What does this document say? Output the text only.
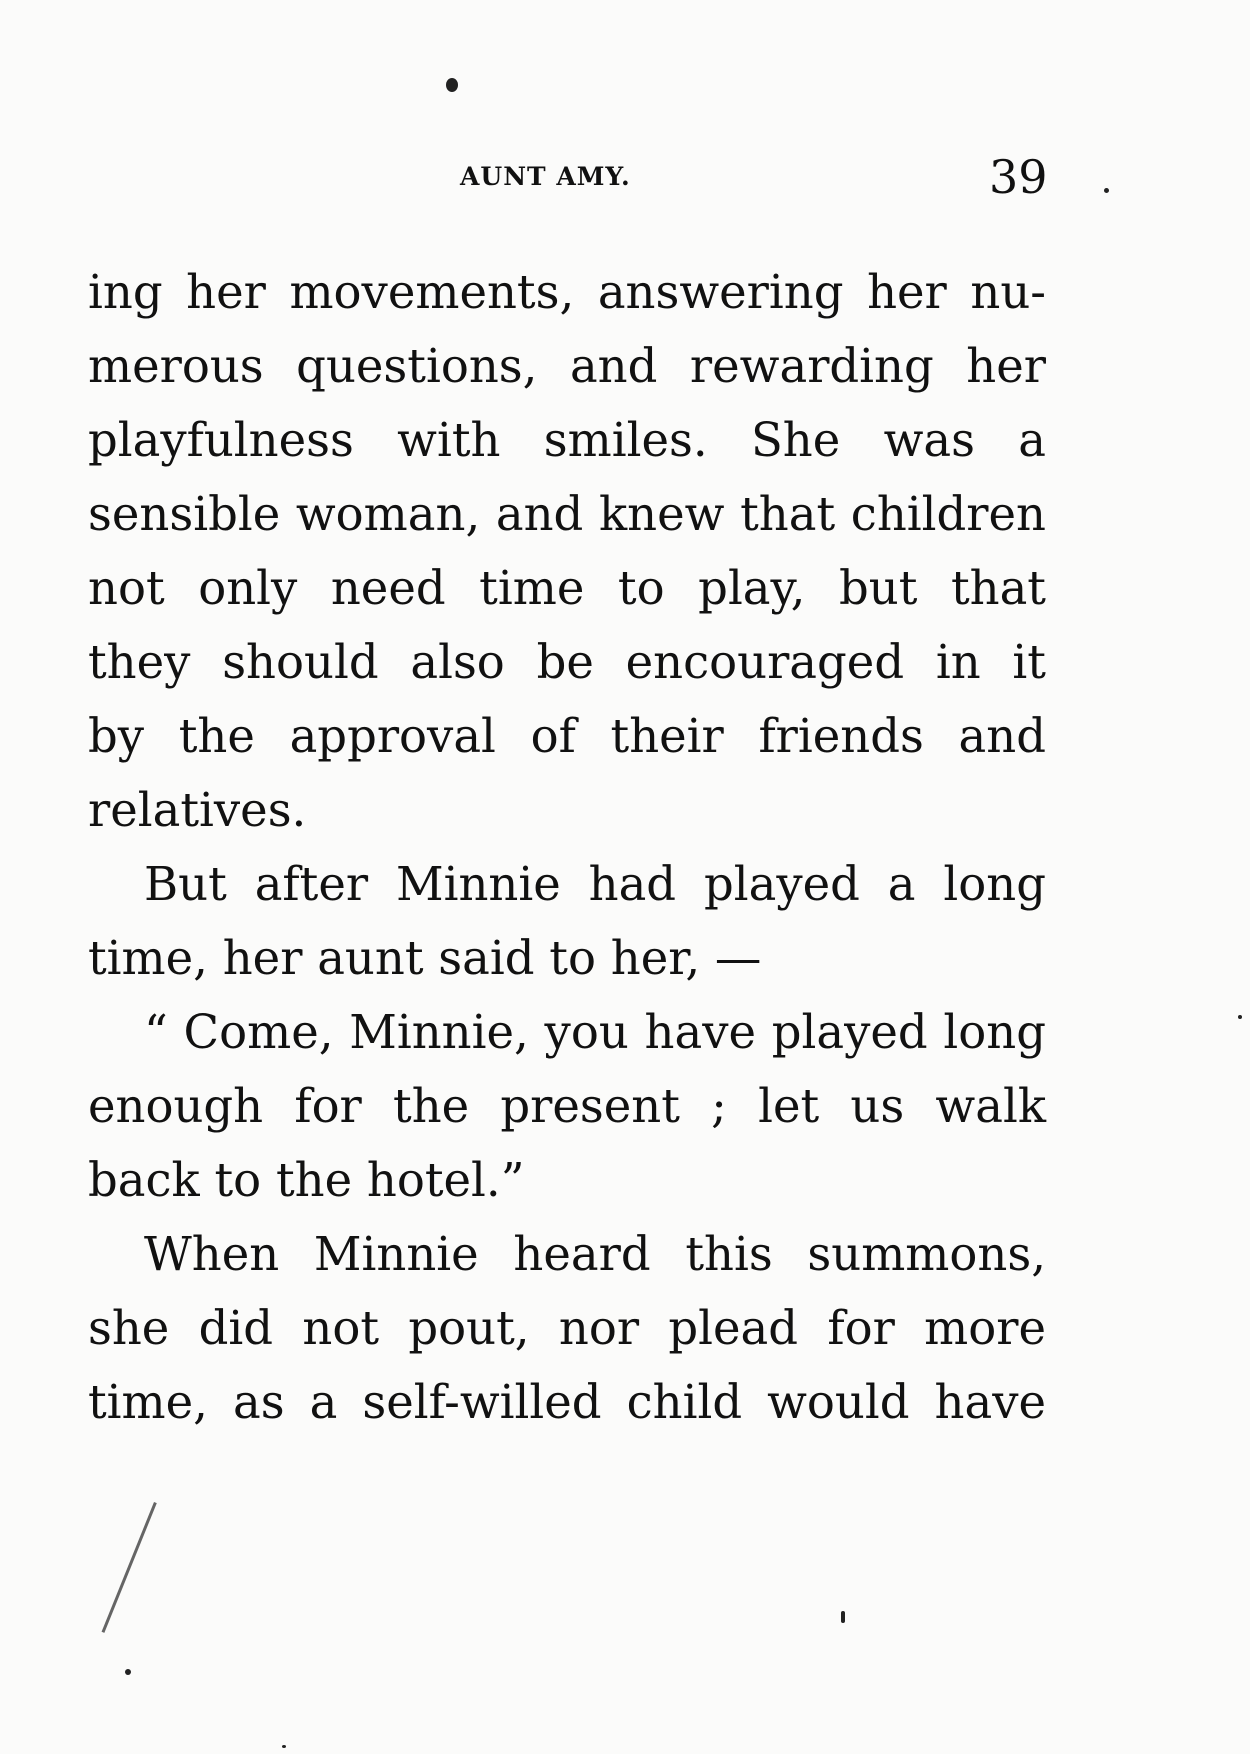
AUNT AMY.	39
ing her movements, answering her nu-
merous questions, and rewarding her
playfulness with smiles. She was a
sensible woman, and knew that children
not only need time to play, but that
they should also be encouraged in it
by the approval of their friends and
relatives.
But after Minnie had played a long
time, her aunt said to her, —
“ Come, Minnie, you have played long
enough for the present ; let us walk
back to the hotel.”
When Minnie heard this summons,
she did not pout, nor plead for more
time, as a self-willed child would have
